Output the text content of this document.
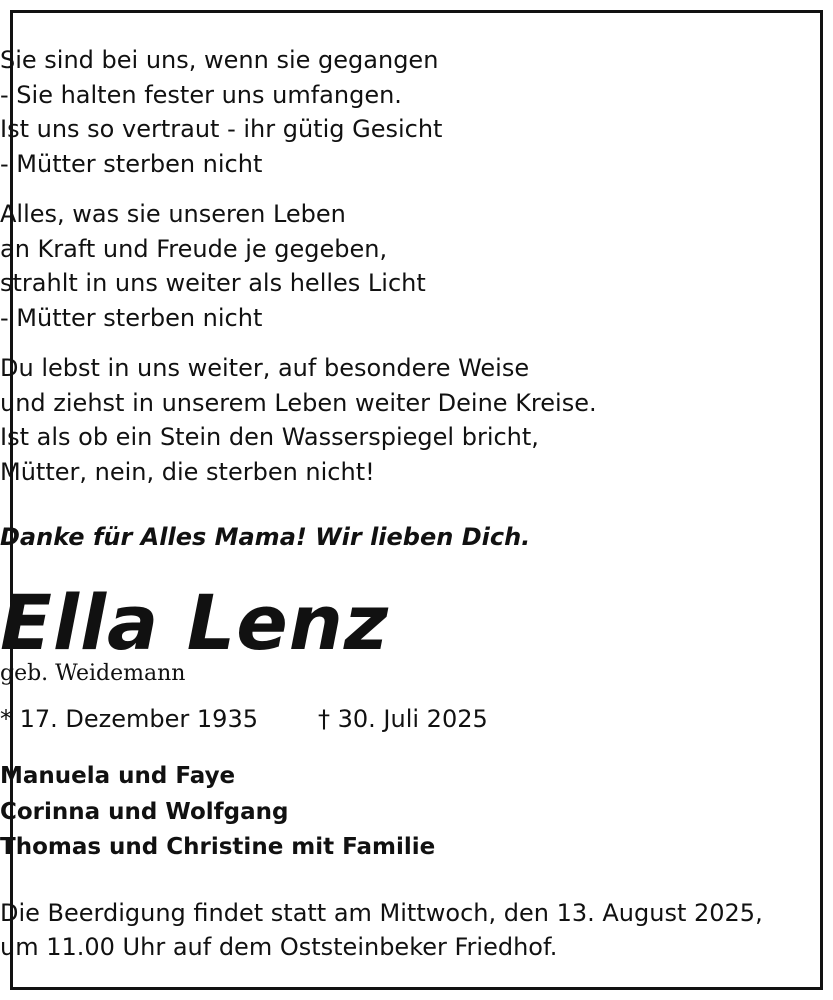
Sie sind bei uns, wenn sie gegangen
- Sie halten fester uns umfangen.
Ist uns so vertraut - ihr gütig Gesicht
- Mütter sterben nicht
Alles, was sie unseren Leben
an Kraft und Freude je gegeben,
strahlt in uns weiter als helles Licht
- Mütter sterben nicht
Du lebst in uns weiter, auf besondere Weise
und ziehst in unserem Leben weiter Deine Kreise.
Ist als ob ein Stein den Wasserspiegel bricht,
Mütter, nein, die sterben nicht!
Danke für Alles Mama! Wir lieben Dich.
Ella Lenz
geb. Weidemann
* 17. Dezember 1935	† 30. Juli 2025
Manuela und Faye
Corinna und Wolfgang
Thomas und Christine mit Familie
Die Beerdigung findet statt am Mittwoch, den 13. August 2025,
um 11.00 Uhr auf dem Oststeinbeker Friedhof.
